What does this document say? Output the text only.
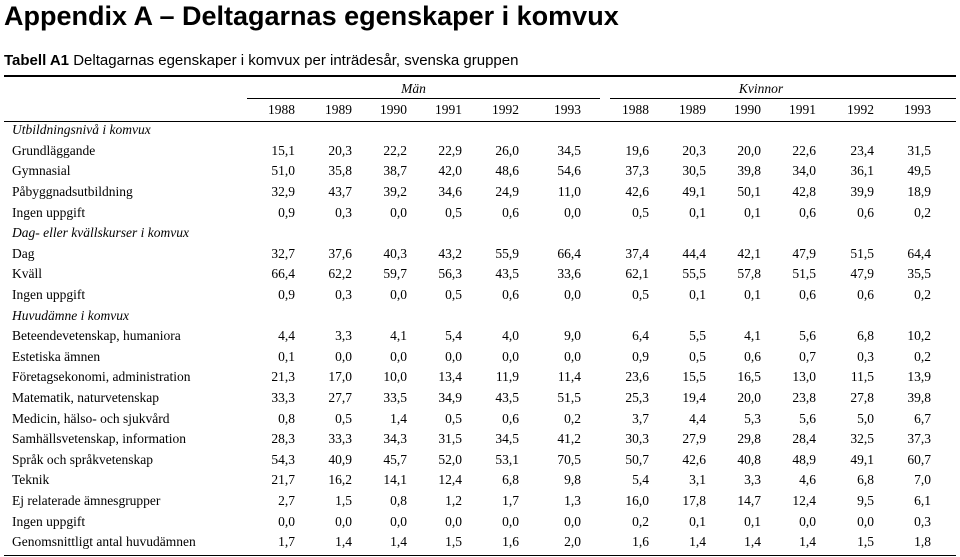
Appendix A – Deltagarnas egenskaper i komvux
Tabell A1 Deltagarnas egenskaper i komvux per inträdesår, svenska gruppen
	Män						Kvinnor					
	1988	1989	1990	1991	1992	1993	1988	1989	1990	1991	1992	1993
Utbildningsnivå i komvux												
Grundläggande	15,1	20,3	22,2	22,9	26,0	34,5	19,6	20,3	20,0	22,6	23,4	31,5
Gymnasial	51,0	35,8	38,7	42,0	48,6	54,6	37,3	30,5	39,8	34,0	36,1	49,5
Påbyggnadsutbildning	32,9	43,7	39,2	34,6	24,9	11,0	42,6	49,1	50,1	42,8	39,9	18,9
Ingen uppgift	0,9	0,3	0,0	0,5	0,6	0,0	0,5	0,1	0,1	0,6	0,6	0,2
Dag- eller kvällskurser i komvux												
Dag	32,7	37,6	40,3	43,2	55,9	66,4	37,4	44,4	42,1	47,9	51,5	64,4
Kväll	66,4	62,2	59,7	56,3	43,5	33,6	62,1	55,5	57,8	51,5	47,9	35,5
Ingen uppgift	0,9	0,3	0,0	0,5	0,6	0,0	0,5	0,1	0,1	0,6	0,6	0,2
Huvudämne i komvux												
Beteendevetenskap, humaniora	4,4	3,3	4,1	5,4	4,0	9,0	6,4	5,5	4,1	5,6	6,8	10,2
Estetiska ämnen	0,1	0,0	0,0	0,0	0,0	0,0	0,9	0,5	0,6	0,7	0,3	0,2
Företagsekonomi, administration	21,3	17,0	10,0	13,4	11,9	11,4	23,6	15,5	16,5	13,0	11,5	13,9
Matematik, naturvetenskap	33,3	27,7	33,5	34,9	43,5	51,5	25,3	19,4	20,0	23,8	27,8	39,8
Medicin, hälso- och sjukvård	0,8	0,5	1,4	0,5	0,6	0,2	3,7	4,4	5,3	5,6	5,0	6,7
Samhällsvetenskap, information	28,3	33,3	34,3	31,5	34,5	41,2	30,3	27,9	29,8	28,4	32,5	37,3
Språk och språkvetenskap	54,3	40,9	45,7	52,0	53,1	70,5	50,7	42,6	40,8	48,9	49,1	60,7
Teknik	21,7	16,2	14,1	12,4	6,8	9,8	5,4	3,1	3,3	4,6	6,8	7,0
Ej relaterade ämnesgrupper	2,7	1,5	0,8	1,2	1,7	1,3	16,0	17,8	14,7	12,4	9,5	6,1
Ingen uppgift	0,0	0,0	0,0	0,0	0,0	0,0	0,2	0,1	0,1	0,0	0,0	0,3
Genomsnittligt antal huvudämnen	1,7	1,4	1,4	1,5	1,6	2,0	1,6	1,4	1,4	1,4	1,5	1,8
